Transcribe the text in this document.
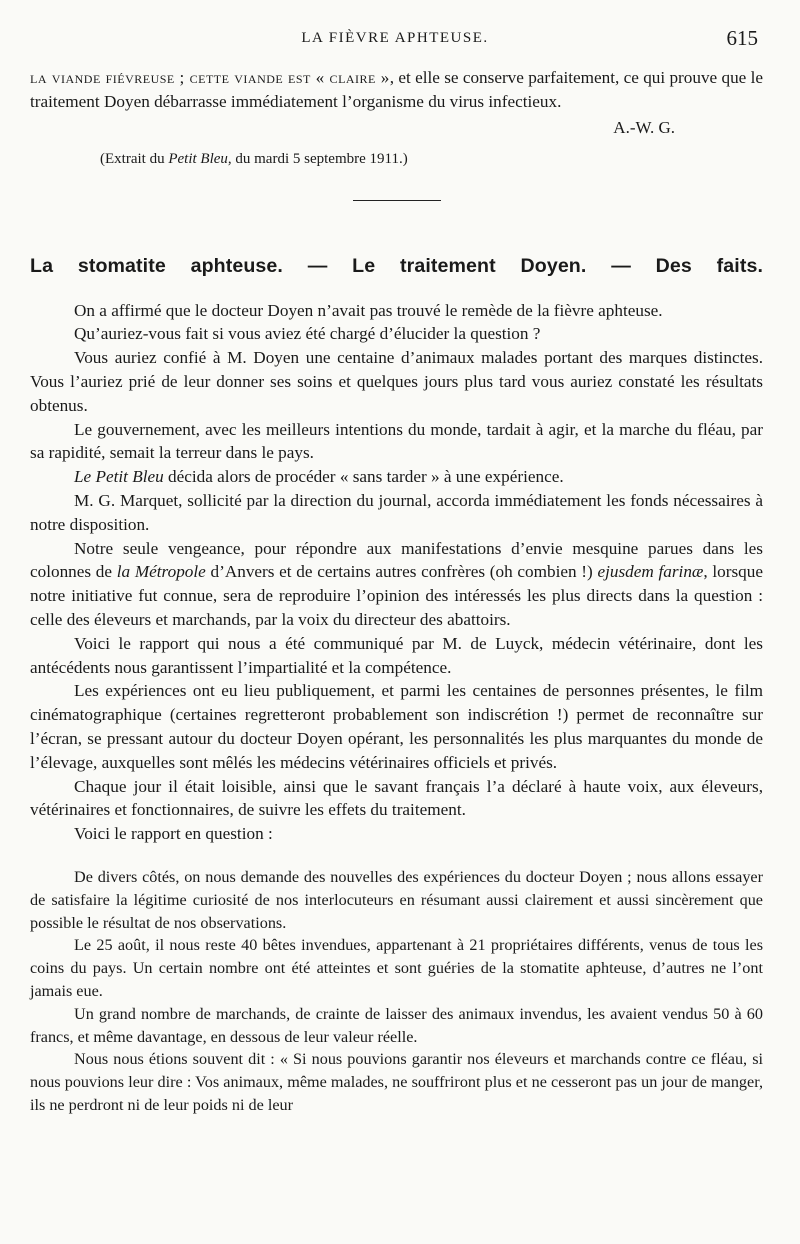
LA FIÈVRE APHTEUSE.	615

la viande fiévreuse ; cette viande est « claire », et elle se conserve parfaitement, ce qui prouve que le traitement Doyen débarrasse immédiatement l’organisme du virus infectieux.

A.-W. G.
(Extrait du Petit Bleu, du mardi 5 septembre 1911.)
La stomatite aphteuse. — Le traitement Doyen. — Des faits.

On a affirmé que le docteur Doyen n’avait pas trouvé le remède de la fièvre aphteuse.

Qu’auriez-vous fait si vous aviez été chargé d’élucider la question ?

Vous auriez confié à M. Doyen une centaine d’animaux malades portant des marques distinctes. Vous l’auriez prié de leur donner ses soins et quelques jours plus tard vous auriez constaté les résultats obtenus.

Le gouvernement, avec les meilleurs intentions du monde, tardait à agir, et la marche du fléau, par sa rapidité, semait la terreur dans le pays.

Le Petit Bleu décida alors de procéder « sans tarder » à une expérience.

M. G. Marquet, sollicité par la direction du journal, accorda immédiatement les fonds nécessaires à notre disposition.

Notre seule vengeance, pour répondre aux manifestations d’envie mesquine parues dans les colonnes de la Métropole d’Anvers et de certains autres confrères (oh combien !) ejusdem farinæ, lorsque notre initiative fut connue, sera de reproduire l’opinion des intéressés les plus directs dans la question : celle des éleveurs et marchands, par la voix du directeur des abattoirs.

Voici le rapport qui nous a été communiqué par M. de Luyck, médecin vétérinaire, dont les antécédents nous garantissent l’impartialité et la compétence.

Les expériences ont eu lieu publiquement, et parmi les centaines de personnes présentes, le film cinématographique (certaines regretteront probablement son indiscrétion !) permet de reconnaître sur l’écran, se pressant autour du docteur Doyen opérant, les personnalités les plus marquantes du monde de l’élevage, auxquelles sont mêlés les médecins vétérinaires officiels et privés.

Chaque jour il était loisible, ainsi que le savant français l’a déclaré à haute voix, aux éleveurs, vétérinaires et fonctionnaires, de suivre les effets du traitement.

Voici le rapport en question :

De divers côtés, on nous demande des nouvelles des expériences du docteur Doyen ; nous allons essayer de satisfaire la légitime curiosité de nos interlocuteurs en résumant aussi clairement et aussi sincèrement que possible le résultat de nos observations.

Le 25 août, il nous reste 40 bêtes invendues, appartenant à 21 propriétaires différents, venus de tous les coins du pays. Un certain nombre ont été atteintes et sont guéries de la stomatite aphteuse, d’autres ne l’ont jamais eue.

Un grand nombre de marchands, de crainte de laisser des animaux invendus, les avaient vendus 50 à 60 francs, et même davantage, en dessous de leur valeur réelle.

Nous nous étions souvent dit : « Si nous pouvions garantir nos éleveurs et marchands contre ce fléau, si nous pouvions leur dire : Vos animaux, même malades, ne souffriront plus et ne cesseront pas un jour de manger, ils ne perdront ni de leur poids ni de leur
